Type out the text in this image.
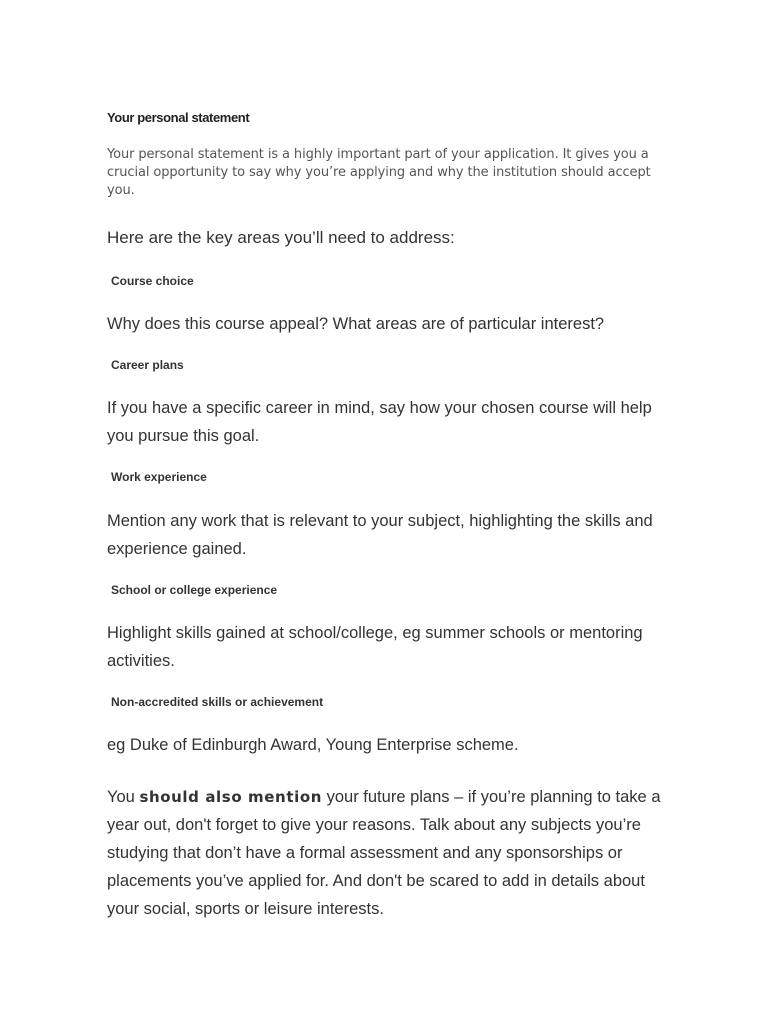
Your personal statement

Your personal statement is a highly important part of your application. It gives you a crucial opportunity to say why you’re applying and why the institution should accept you.

Here are the key areas you’ll need to address:

Course choice

Why does this course appeal? What areas are of particular interest?

Career plans

If you have a specific career in mind, say how your chosen course will help you pursue this goal.

Work experience

Mention any work that is relevant to your subject, highlighting the skills and experience gained.

School or college experience

Highlight skills gained at school/college, eg summer schools or mentoring activities.

Non-accredited skills or achievement

eg Duke of Edinburgh Award, Young Enterprise scheme.

You should also mention your future plans – if you’re planning to take a year out, don't forget to give your reasons. Talk about any subjects you’re studying that don’t have a formal assessment and any sponsorships or placements you’ve applied for. And don't be scared to add in details about your social, sports or leisure interests.
